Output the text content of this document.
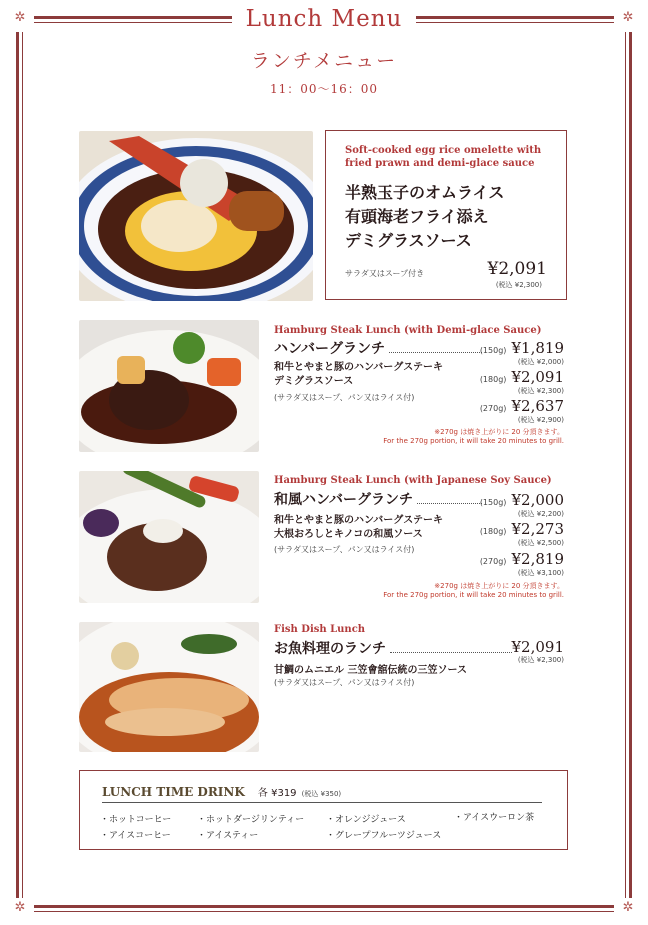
✲	✲
✲	✲
Lunch Menu
ランチメニュー
11：00〜16：00
Soft-cooked egg rice omelette with fried prawn and demi-glace sauce
半熟玉子のオムライス
有頭海老フライ添え
デミグラスソース
サラダ又はスープ付き	¥2,091
(税込 ¥2,300)
Hamburg Steak Lunch (with Demi-glace Sauce)
ハンバーグランチ
和牛とやまと豚のハンバーグステーキ
デミグラスソース
(サラダ又はスープ、パン又はライス付)
(150g) ¥1,819
(税込 ¥2,000)
(180g) ¥2,091
(税込 ¥2,300)
(270g) ¥2,637
(税込 ¥2,900)
※270g は焼き上がりに 20 分頂きます。
For the 270g portion, it will take 20 minutes to grill.
Hamburg Steak Lunch (with Japanese Soy Sauce)
和風ハンバーグランチ
和牛とやまと豚のハンバーグステーキ
大根おろしとキノコの和風ソース
(サラダ又はスープ、パン又はライス付)
(150g) ¥2,000
(税込 ¥2,200)
(180g) ¥2,273
(税込 ¥2,500)
(270g) ¥2,819
(税込 ¥3,100)
※270g は焼き上がりに 20 分頂きます。
For the 270g portion, it will take 20 minutes to grill.
Fish Dish Lunch
お魚料理のランチ	¥2,091
(税込 ¥2,300)
甘鯛のムニエル 三笠會舘伝統の三笠ソース
(サラダ又はスープ、パン又はライス付)
LUNCH TIME DRINK 各 ¥319 (税込 ¥350)
・ホットコーヒー
・アイスコーヒー
・ホットダージリンティー
・アイスティー
・オレンジジュース
・グレープフルーツジュース
・アイスウーロン茶
